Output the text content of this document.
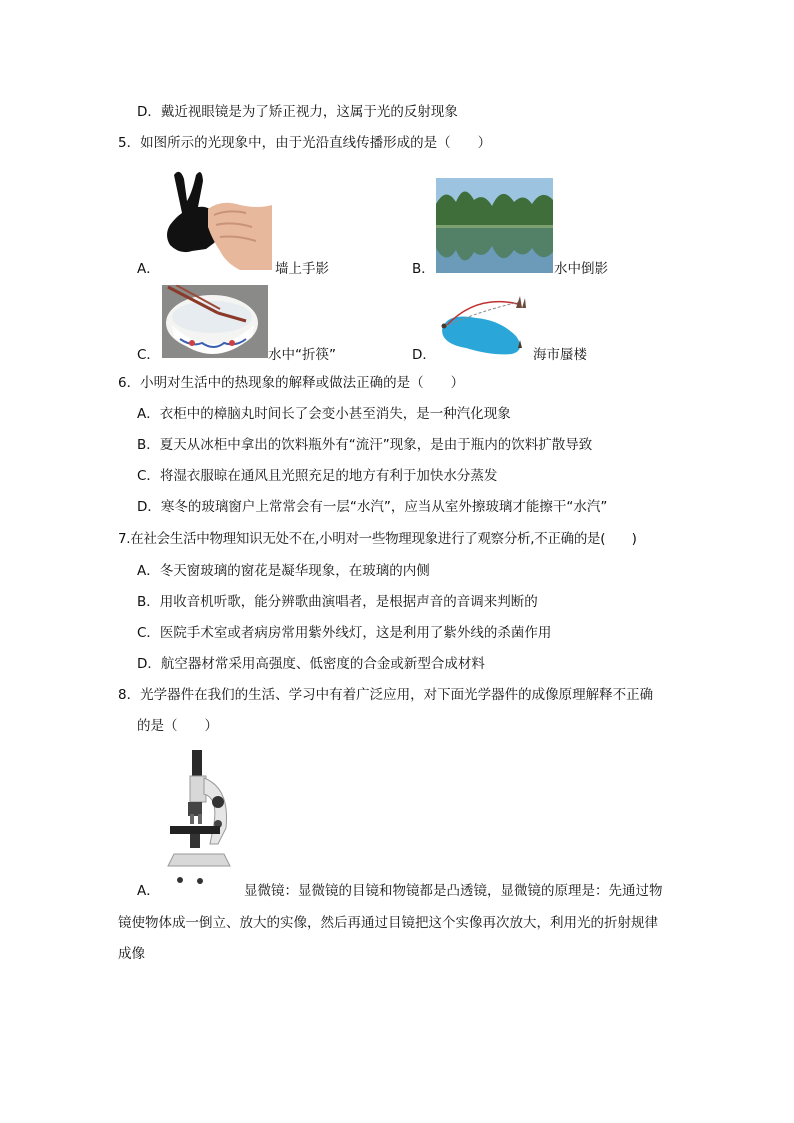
D．戴近视眼镜是为了矫正视力，这属于光的反射现象
5．如图所示的光现象中，由于光沿直线传播形成的是（　　）
A．	墙上手影	B．	水中倒影
C．	水中“折筷”	D．	海市蜃楼
6．小明对生活中的热现象的解释或做法正确的是（　　）
A．衣柜中的樟脑丸时间长了会变小甚至消失，是一种汽化现象
B．夏天从冰柜中拿出的饮料瓶外有“流汗”现象，是由于瓶内的饮料扩散导致
C．将湿衣服晾在通风且光照充足的地方有利于加快水分蒸发
D．寒冬的玻璃窗户上常常会有一层“水汽”，应当从室外擦玻璃才能擦干“水汽”
7.在社会生活中物理知识无处不在,小明对一些物理现象进行了观察分析,不正确的是(　　)
A．冬天窗玻璃的窗花是凝华现象，在玻璃的内侧
B．用收音机听歌，能分辨歌曲演唱者，是根据声音的音调来判断的
C．医院手术室或者病房常用紫外线灯，这是利用了紫外线的杀菌作用
D．航空器材常采用高强度、低密度的合金或新型合成材料
8．光学器件在我们的生活、学习中有着广泛应用，对下面光学器件的成像原理解释不正确
的是（　　）
A．	显微镜：显微镜的目镜和物镜都是凸透镜，显微镜的原理是：先通过物
镜使物体成一倒立、放大的实像，然后再通过目镜把这个实像再次放大，利用光的折射规律
成像
